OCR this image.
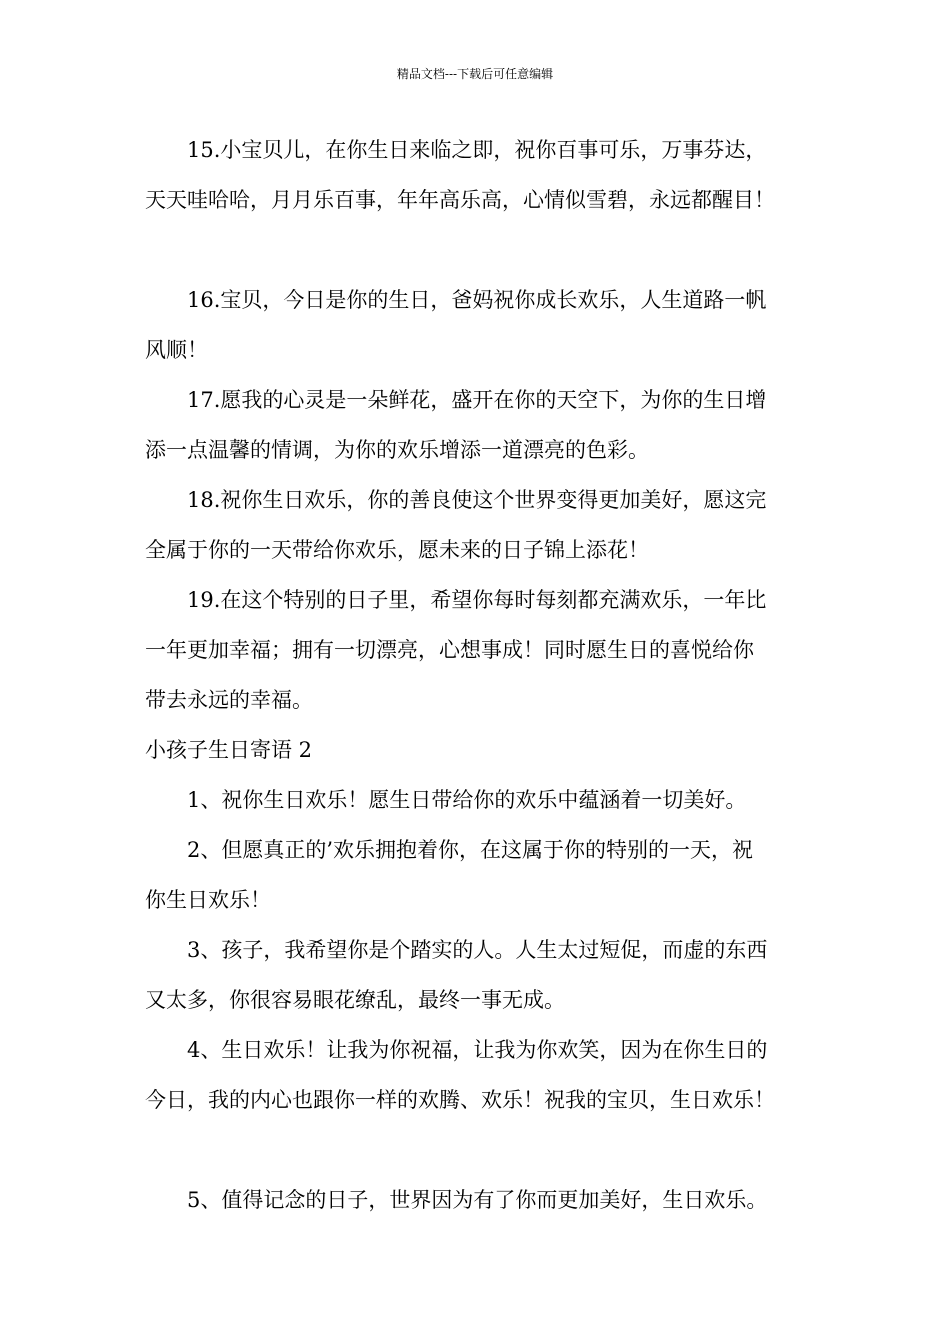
精品文档---下载后可任意编辑
15.小宝贝儿，在你生日来临之即，祝你百事可乐，万事芬达，
天天哇哈哈，月月乐百事，年年高乐高，心情似雪碧，永远都醒目！
16.宝贝，今日是你的生日，爸妈祝你成长欢乐，人生道路一帆
风顺！
17.愿我的心灵是一朵鲜花，盛开在你的天空下，为你的生日增
添一点温馨的情调，为你的欢乐增添一道漂亮的色彩。
18.祝你生日欢乐，你的善良使这个世界变得更加美好，愿这完
全属于你的一天带给你欢乐，愿未来的日子锦上添花！
19.在这个特别的日子里，希望你每时每刻都充满欢乐，一年比
一年更加幸福；拥有一切漂亮，心想事成！同时愿生日的喜悦给你
带去永远的幸福。
小孩子生日寄语 2
1、祝你生日欢乐！愿生日带给你的欢乐中蕴涵着一切美好。
2、但愿真正的’欢乐拥抱着你，在这属于你的特别的一天，祝
你生日欢乐！
3、孩子，我希望你是个踏实的人。人生太过短促，而虚的东西
又太多，你很容易眼花缭乱，最终一事无成。
4、生日欢乐！让我为你祝福，让我为你欢笑，因为在你生日的
今日，我的内心也跟你一样的欢腾、欢乐！祝我的宝贝，生日欢乐！
5、值得记念的日子，世界因为有了你而更加美好，生日欢乐。
